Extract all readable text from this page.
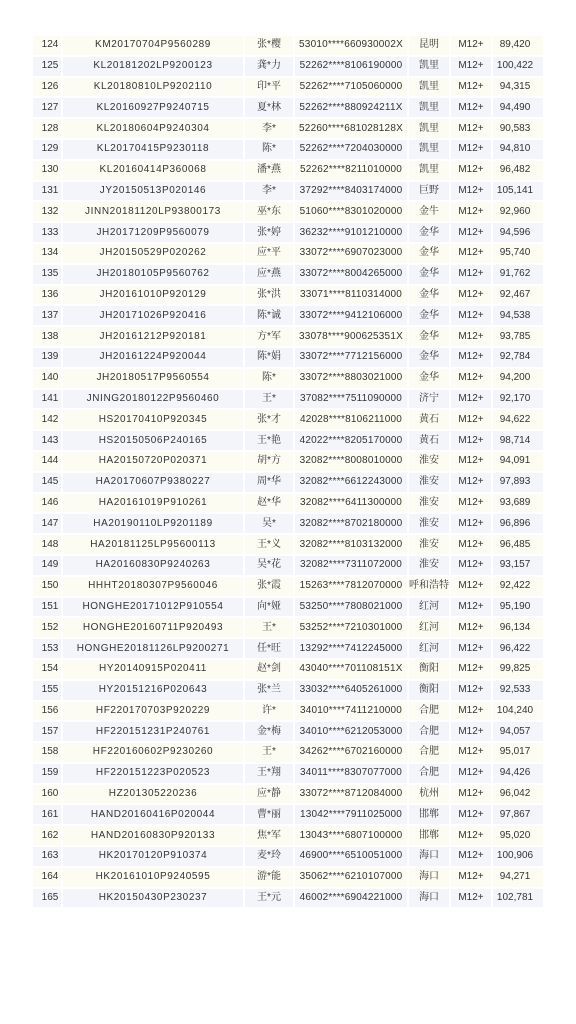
124	KM20170704P9560289	张*樱	53010****660930002X	昆明	M12+	89,420
125	KL20181202LP9200123	龚*力	52262****8106190000	凯里	M12+	100,422
126	KL20180810LP9202110	印*平	52262****7105060000	凯里	M12+	94,315
127	KL20160927P9240715	夏*林	52262****880924211X	凯里	M12+	94,490
128	KL20180604P9240304	李*	52260****681028128X	凯里	M12+	90,583
129	KL20170415P9230118	陈*	52262****7204030000	凯里	M12+	94,810
130	KL20160414P360068	潘*燕	52262****8211010000	凯里	M12+	96,482
131	JY20150513P020146	李*	37292****8403174000	巨野	M12+	105,141
132	JINN20181120LP93800173	巫*东	51060****8301020000	金牛	M12+	92,960
133	JH20171209P9560079	张*婷	36232****9101210000	金华	M12+	94,596
134	JH20150529P020262	应*平	33072****6907023000	金华	M12+	95,740
135	JH20180105P9560762	应*燕	33072****8004265000	金华	M12+	91,762
136	JH20161010P920129	张*洪	33071****8110314000	金华	M12+	92,467
137	JH20171026P920416	陈*诚	33072****9412106000	金华	M12+	94,538
138	JH20161212P920181	方*军	33078****900625351X	金华	M12+	93,785
139	JH20161224P920044	陈*娟	33072****7712156000	金华	M12+	92,784
140	JH20180517P9560554	陈*	33072****8803021000	金华	M12+	94,200
141	JNING20180122P9560460	王*	37082****7511090000	济宁	M12+	92,170
142	HS20170410P920345	张*才	42028****8106211000	黄石	M12+	94,622
143	HS20150506P240165	王*艳	42022****8205170000	黄石	M12+	98,714
144	HA20150720P020371	胡*方	32082****8008010000	淮安	M12+	94,091
145	HA20170607P9380227	周*华	32082****6612243000	淮安	M12+	97,893
146	HA20161019P910261	赵*华	32082****6411300000	淮安	M12+	93,689
147	HA20190110LP9201189	吴*	32082****8702180000	淮安	M12+	96,896
148	HA20181125LP95600113	王*义	32082****8103132000	淮安	M12+	96,485
149	HA20160830P9240263	吴*花	32082****7311072000	淮安	M12+	93,157
150	HHHT20180307P9560046	张*霞	15263****7812070000	呼和浩特	M12+	92,422
151	HONGHE20171012P910554	向*娅	53250****7808021000	红河	M12+	95,190
152	HONGHE20160711P920493	王*	53252****7210301000	红河	M12+	96,134
153	HONGHE20181126LP9200271	任*旺	13292****7412245000	红河	M12+	96,422
154	HY20140915P020411	赵*剑	43040****701108151X	衡阳	M12+	99,825
155	HY20151216P020643	张*兰	33032****6405261000	衡阳	M12+	92,533
156	HF220170703P920229	许*	34010****7411210000	合肥	M12+	104,240
157	HF220151231P240761	金*梅	34010****6212053000	合肥	M12+	94,057
158	HF220160602P9230260	王*	34262****6702160000	合肥	M12+	95,017
159	HF220151223P020523	王*翔	34011****8307077000	合肥	M12+	94,426
160	HZ201305220236	应*静	33072****8712084000	杭州	M12+	96,042
161	HAND20160416P020044	曹*丽	13042****7911025000	邯郸	M12+	97,867
162	HAND20160830P920133	焦*军	13043****6807100000	邯郸	M12+	95,020
163	HK20170120P910374	麦*玲	46900****6510051000	海口	M12+	100,906
164	HK20161010P9240595	游*能	35062****6210107000	海口	M12+	94,271
165	HK20150430P230237	王*元	46002****6904221000	海口	M12+	102,781
